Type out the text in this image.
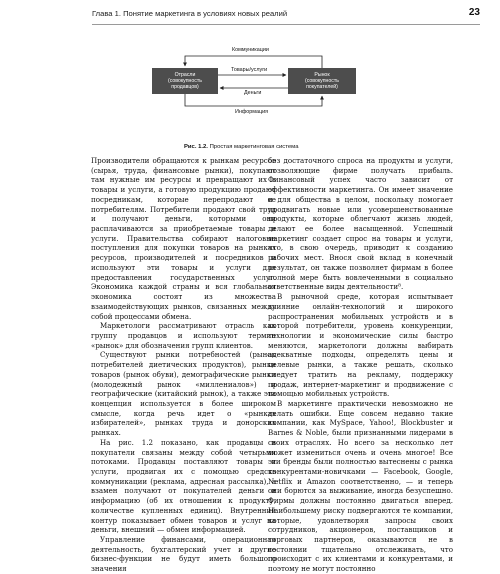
Глава 1. Понятие маркетинга в условиях новых реалий	23
Отрасли
(совокупность
продавцов)
Рынок
(совокупность
покупателей)
Коммуникации
Товары/услуги
Деньги
Информация
Рис. 1.2. Простая маркетинговая система

Производители обращаются к рынкам ресурсов (сырья, труда, финансовые рынки), покупают там нужные им ресурсы и превращают их в товары и услуги, а готовую продукцию продают посредникам, которые перепродают ее потребителям. Потребители продают свой труд и получают деньги, которыми они расплачиваются за приобретаемые товары и услуги. Правительства собирают налоговые поступления для покупки товаров на рынках ресурсов, производителей и посредников и используют эти товары и услуги для предоставления государственных услуг. Экономика каждой страны и вся глобальная экономика состоят из множества взаимодействующих рынков, связанных между собой процессами обмена.

Маркетологи рассматривают отрасль как группу продавцов и используют термин «рынок» для обозначения групп клиентов.

Существуют рынки потребностей (рынок потребителей диетических продуктов), рынки товаров (рынок обуви), демографические рынки (молодежный рынок «миллениалов») и географические (китайский рынок), а также эта концепция используется в более широком смысле, когда речь идет о «рынках избирателей», рынках труда и донорских рынках.

На рис. 1.2 показано, как продавцы и покупатели связаны между собой четырьмя потоками. Продавцы поставляют товары и услуги, продвигая их с помощью средств коммуникации (реклама, адресная рассылка), а взамен получают от покупателей деньги и информацию (об их отношении к продукту, количестве купленных единиц). Внутренний контур показывает обмен товаров и услуг на деньги, внешний — обмен информацией.

Управление финансами, операционная деятельность, бухгалтерский учет и другие бизнес-функции не будут иметь большого значения

без достаточного спроса на продукты и услуги, позволяющие фирме получать прибыль. Финансовый успех часто зависит от эффективности маркетинга. Он имеет значение и для общества в целом, поскольку помогает продвигать новые или усовершенствованные продукты, которые облегчают жизнь людей, делают ее более насыщенной. Успешный маркетинг создает спрос на товары и услуги, что, в свою очередь, приводит к созданию рабочих мест. Внося свой вклад в конечный результат, он также позволяет фирмам в более полной мере быть вовлеченными в социально ответственные виды деятельности⁸.

В рыночной среде, которая испытывает влияние онлайн-технологий и широкого распространения мобильных устройств и в которой потребители, уровень конкуренции, технологии и экономические силы быстро меняются, маркетологи должны выбирать адекватные подходы, определять цены и целевые рынки, а также решать, сколько следует тратить на рекламу, поддержку продаж, интернет-маркетинг и продвижение с помощью мобильных устройств.

В маркетинге практически невозможно не делать ошибки. Еще совсем недавно такие компании, как MySpace, Yahoo!, Blockbuster и Barnes & Noble, были признанными лидерами в своих отраслях. Но всего за несколько лет может измениться очень и очень многое! Все эти бренды были полностью вытеснены с рынка конкурентами-новичками — Facebook, Google, Netflix и Amazon соответственно, — и теперь они борются за выживание, иногда безуспешно. Фирмы должны постоянно двигаться вперед. Наибольшему риску подвергаются те компании, которые, удовлетворяя запросы своих сотрудников, акционеров, поставщиков и торговых партнеров, оказываются не в состоянии тщательно отслеживать, что происходит с их клиентами и конкурентами, и поэтому не могут постоянно
